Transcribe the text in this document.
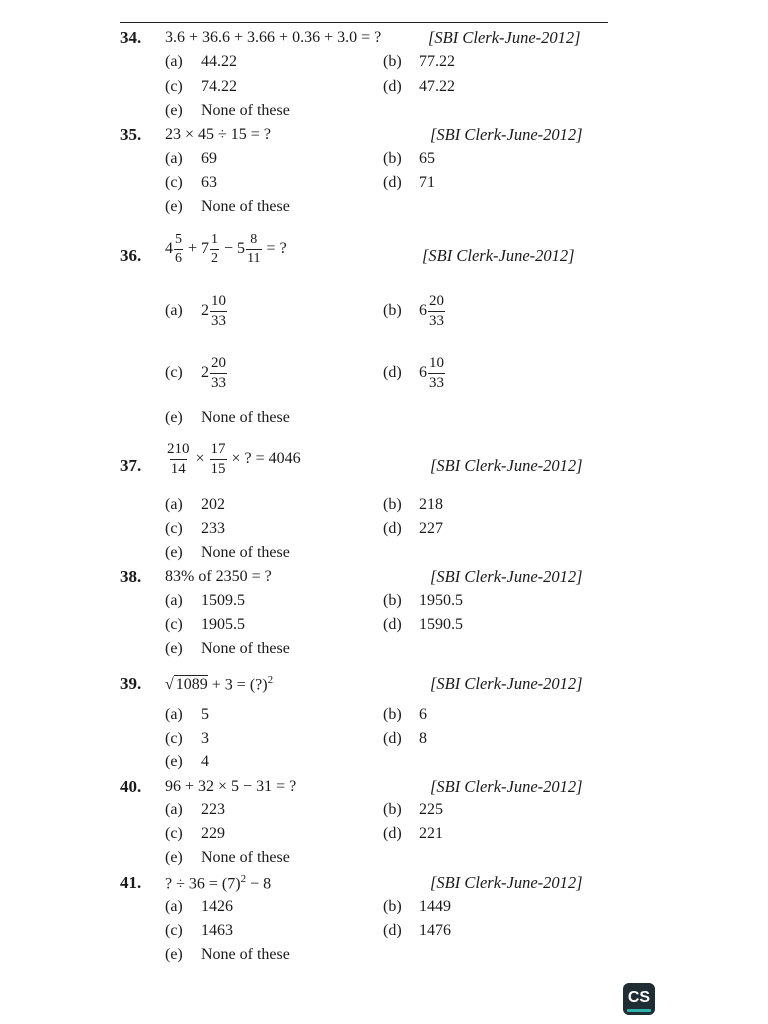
34. 3.6 + 36.6 + 3.66 + 0.36 + 3.0 = ?	[SBI Clerk-June-2012]
(a) 44.22	(b) 77.22
(c) 74.22	(d) 47.22
(e) None of these
35. 23 × 45 ÷ 15 = ?	[SBI Clerk-June-2012]
(a) 69	(b) 65
(c) 63	(d) 71
(e) None of these
36. $4 \frac{5}{6} + 7 \frac{1}{2} - 5 \frac{8}{11}$ = ?	[SBI Clerk-June-2012]
(a) $2 \frac{10}{33}$	(b) $6 \frac{20}{33}$
(c) $2 \frac{20}{33}$	(d) $6 \frac{10}{33}$
(e) None of these
37. $\frac{210}{14} \times \frac{17}{15}$ × ? = 4046	[SBI Clerk-June-2012]
(a) 202	(b) 218
(c) 233	(d) 227
(e) None of these
38. 83% of 2350 = ?	[SBI Clerk-June-2012]
(a) 1509.5	(b) 1950.5
(c) 1905.5	(d) 1590.5
(e) None of these
39. √ 1089 + 3 = (?)$^2$	[SBI Clerk-June-2012]
(a) 5	(b) 6
(c) 3	(d) 8
(e) 4
40. 96 + 32 × 5 − 31 = ?	[SBI Clerk-June-2012]
(a) 223	(b) 225
(c) 229	(d) 221
(e) None of these
41. ? ÷ $36 = (7)^2 - 8$	[SBI Clerk-June-2012]
(a) 1426	(b) 1449
(c) 1463	(d) 1476
(e) None of these
CS
